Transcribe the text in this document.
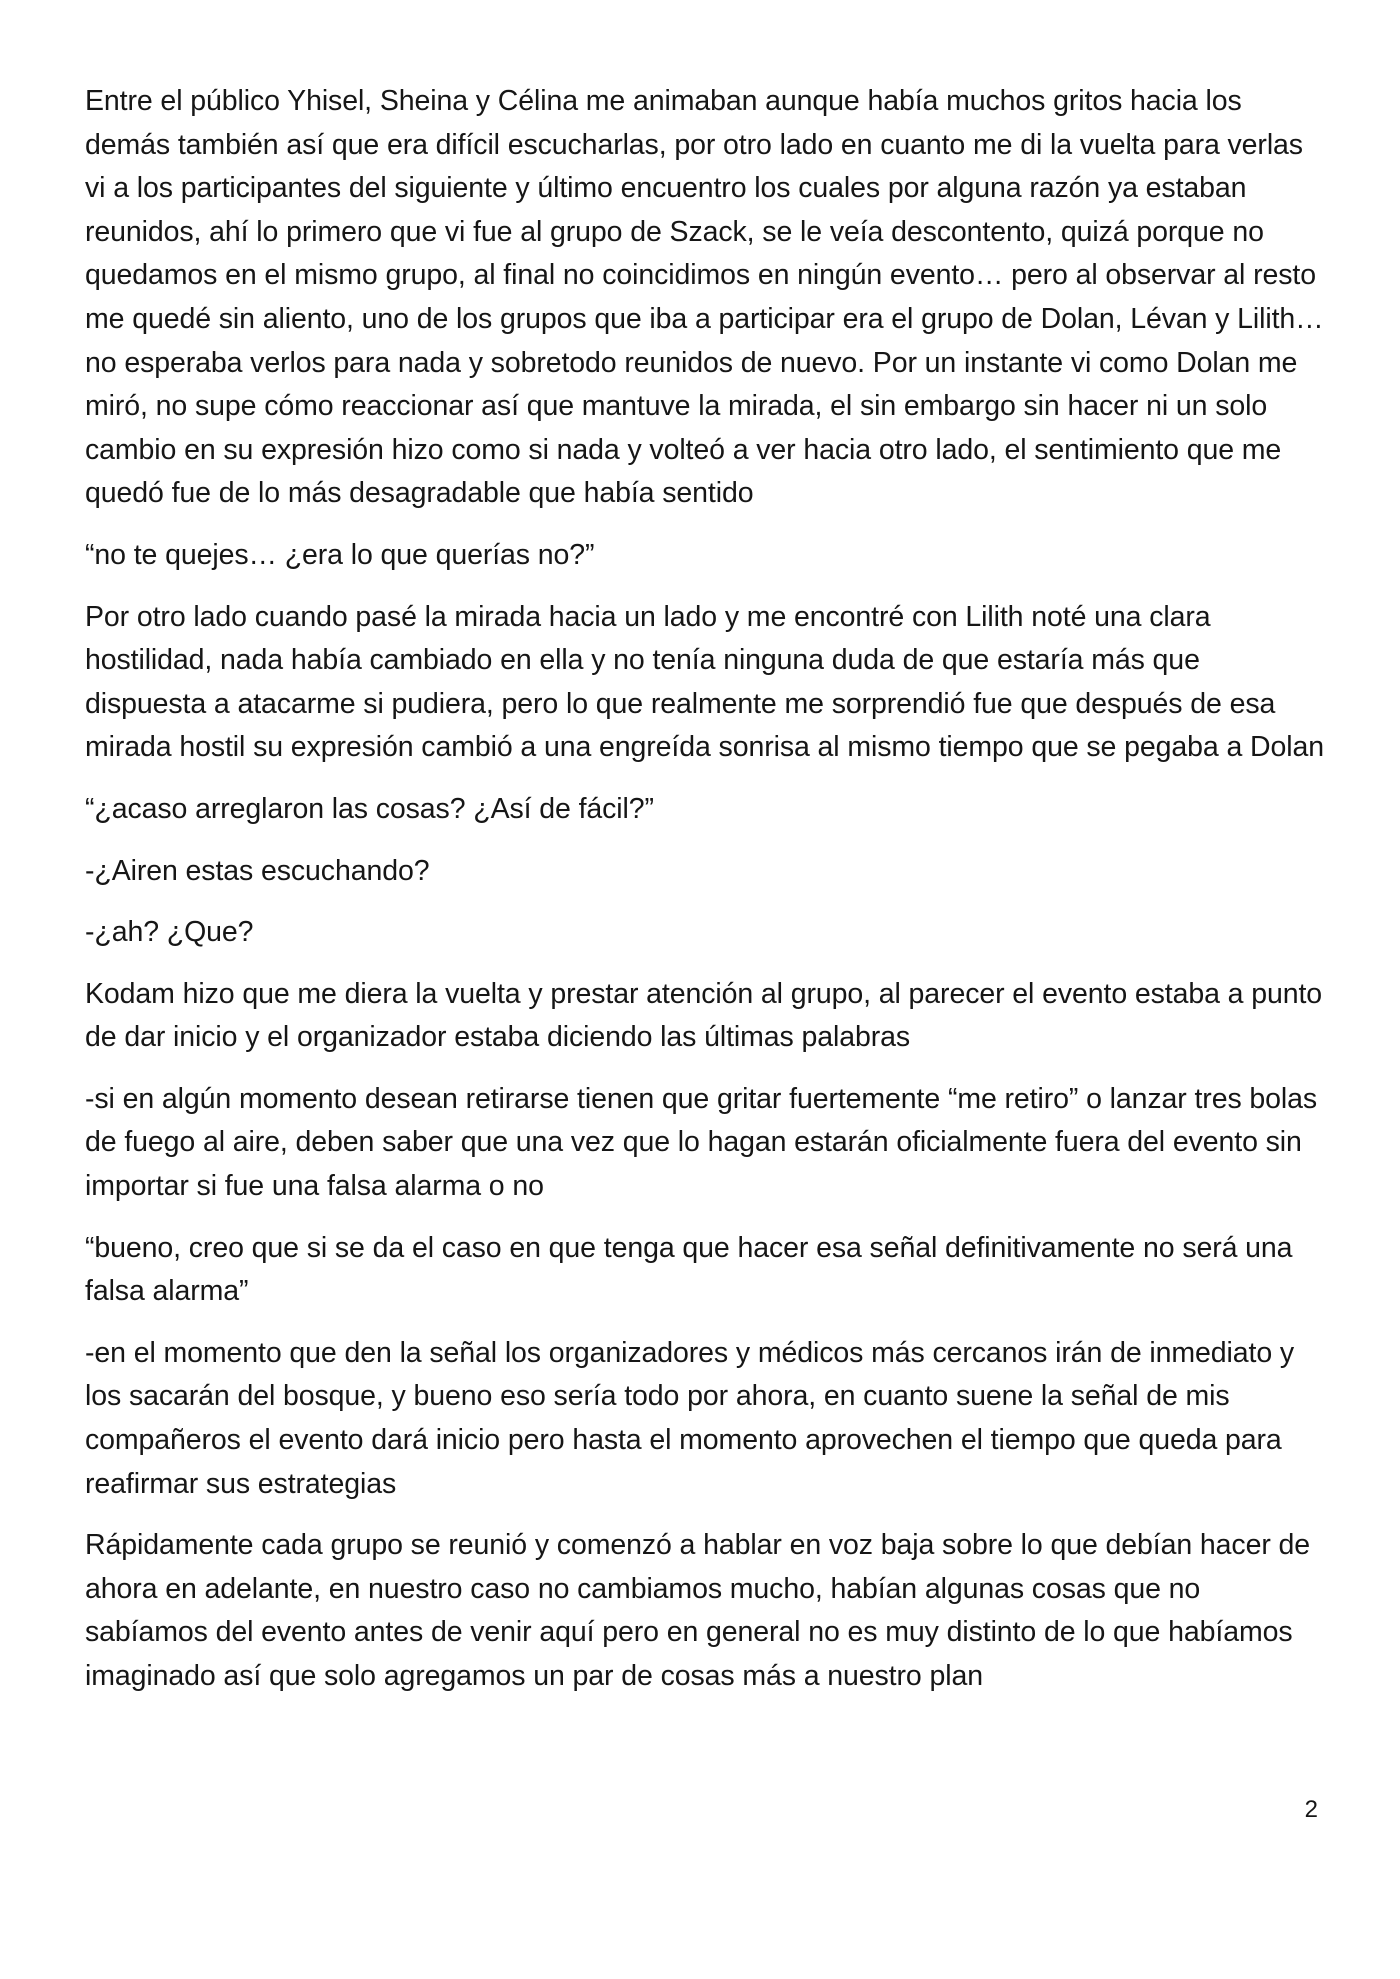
Entre el público Yhisel, Sheina y Célina me animaban aunque había muchos gritos hacia los demás también así que era difícil escucharlas, por otro lado en cuanto me di la vuelta para verlas vi a los participantes del siguiente y último encuentro los cuales por alguna razón ya estaban reunidos, ahí lo primero que vi fue al grupo de Szack, se le veía descontento, quizá porque no quedamos en el mismo grupo, al final no coincidimos en ningún evento… pero al observar al resto me quedé sin aliento, uno de los grupos que iba a participar era el grupo de Dolan, Lévan y Lilith… no esperaba verlos para nada y sobretodo reunidos de nuevo. Por un instante vi como Dolan me miró, no supe cómo reaccionar así que mantuve la mirada, el sin embargo sin hacer ni un solo cambio en su expresión hizo como si nada y volteó a ver hacia otro lado, el sentimiento que me quedó fue de lo más desagradable que había sentido

“no te quejes… ¿era lo que querías no?”

Por otro lado cuando pasé la mirada hacia un lado y me encontré con Lilith noté una clara hostilidad, nada había cambiado en ella y no tenía ninguna duda de que estaría más que dispuesta a atacarme si pudiera, pero lo que realmente me sorprendió fue que después de esa mirada hostil su expresión cambió a una engreída sonrisa al mismo tiempo que se pegaba a Dolan

“¿acaso arreglaron las cosas? ¿Así de fácil?”

-¿Airen estas escuchando?

-¿ah? ¿Que?

Kodam hizo que me diera la vuelta y prestar atención al grupo, al parecer el evento estaba a punto de dar inicio y el organizador estaba diciendo las últimas palabras

-si en algún momento desean retirarse tienen que gritar fuertemente “me retiro” o lanzar tres bolas de fuego al aire, deben saber que una vez que lo hagan estarán oficialmente fuera del evento sin importar si fue una falsa alarma o no

“bueno, creo que si se da el caso en que tenga que hacer esa señal definitivamente no será una falsa alarma”

-en el momento que den la señal los organizadores y médicos más cercanos irán de inmediato y los sacarán del bosque, y bueno eso sería todo por ahora, en cuanto suene la señal de mis compañeros el evento dará inicio pero hasta el momento aprovechen el tiempo que queda para reafirmar sus estrategias

Rápidamente cada grupo se reunió y comenzó a hablar en voz baja sobre lo que debían hacer de ahora en adelante, en nuestro caso no cambiamos mucho, habían algunas cosas que no sabíamos del evento antes de venir aquí pero en general no es muy distinto de lo que habíamos imaginado así que solo agregamos un par de cosas más a nuestro plan

2
